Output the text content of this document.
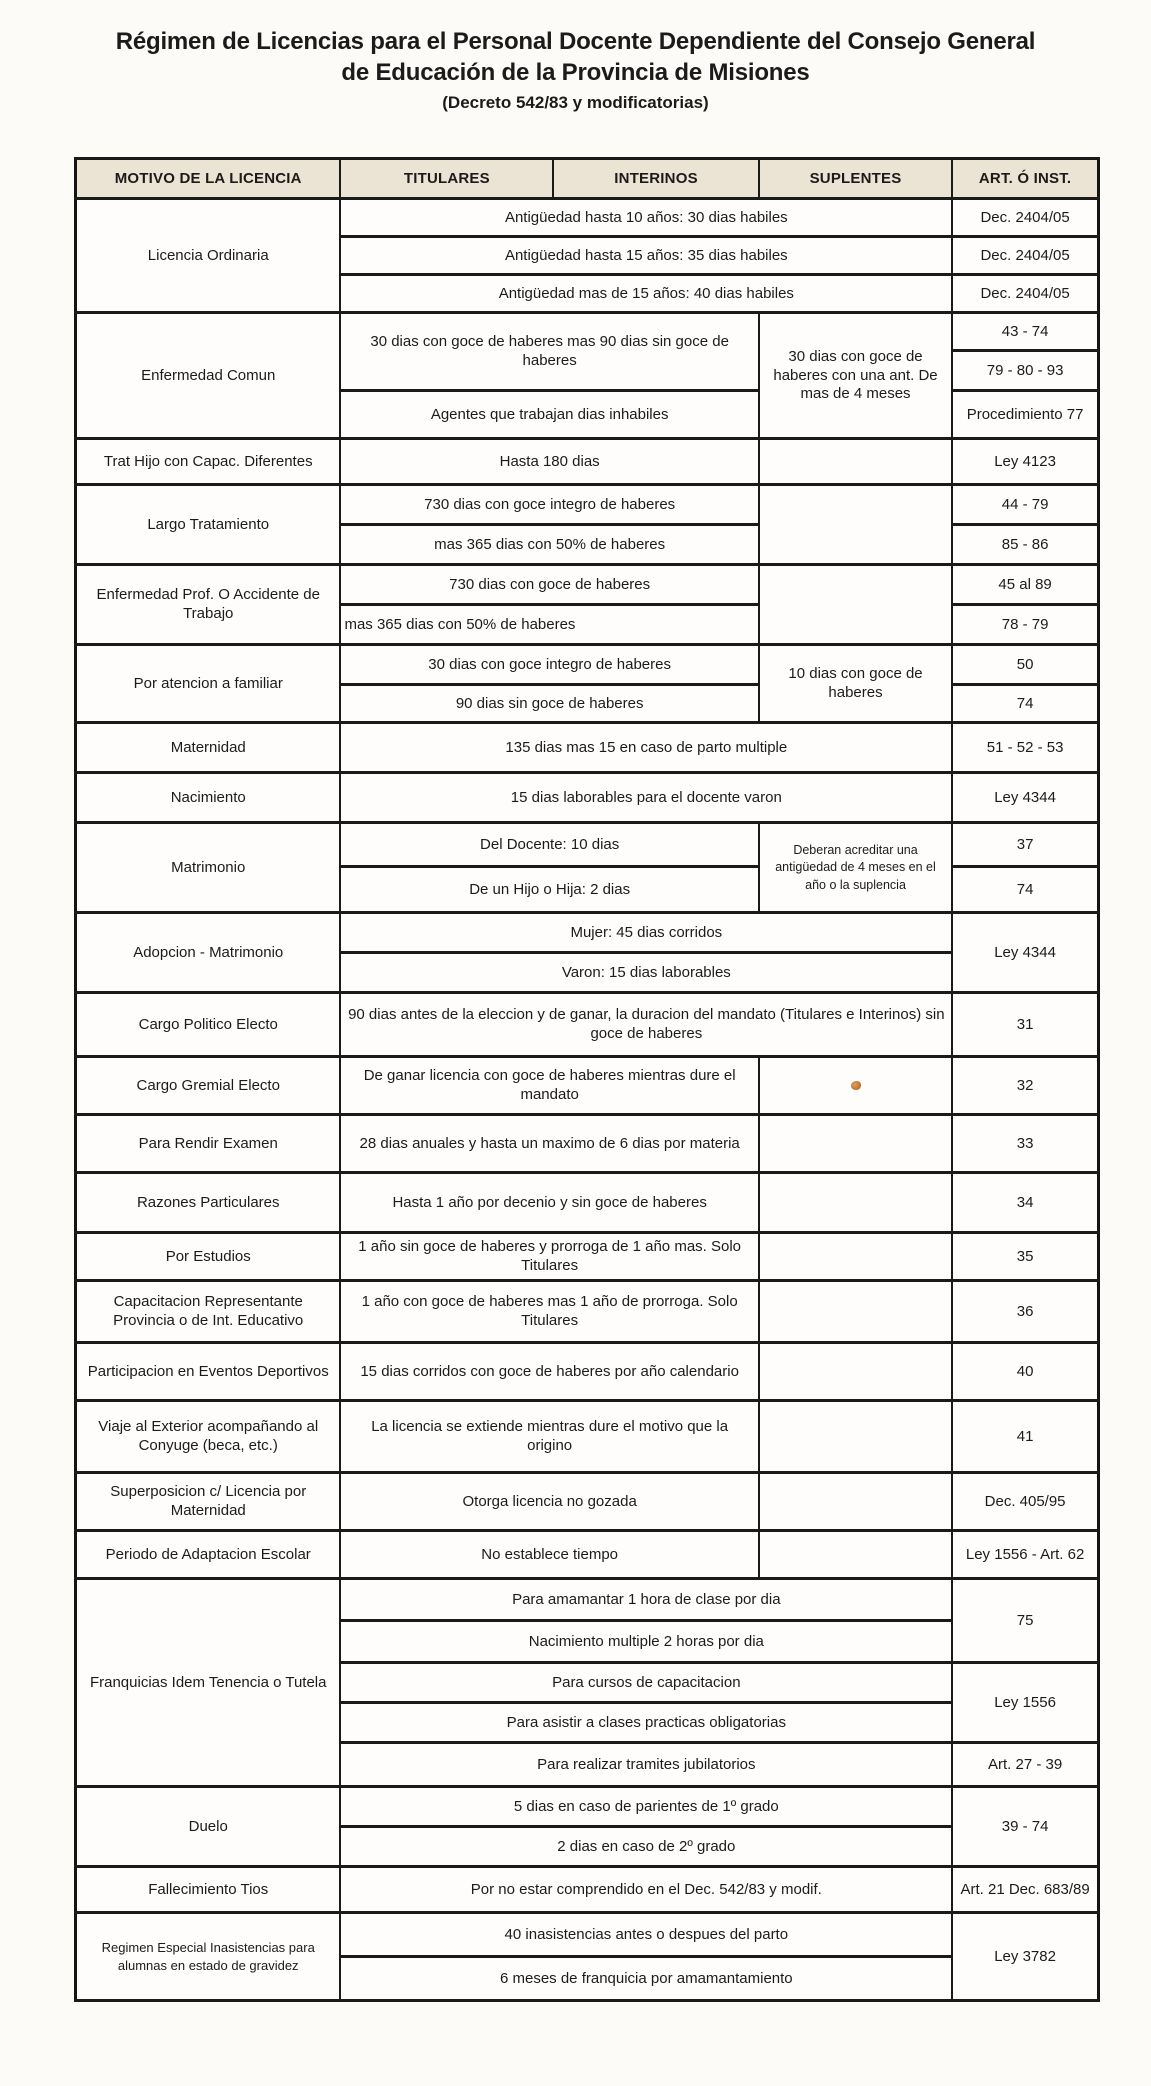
Régimen de Licencias para el Personal Docente Dependiente del Consejo General
de Educación de la Provincia de Misiones
(Decreto 542/83 y modificatorias)
MOTIVO DE LA LICENCIA	TITULARES	INTERINOS	SUPLENTES	ART. Ó INST.
Licencia Ordinaria	Antigüedad hasta 10 años: 30 dias habiles			Dec. 2404/05
	Antigüedad hasta 15 años: 35 dias habiles			Dec. 2404/05
	Antigüedad mas de 15 años: 40 dias habiles			Dec. 2404/05
Enfermedad Comun	30 dias con goce de haberes mas 90 dias sin goce de haberes		30 dias con goce de haberes con una ant. De mas de 4 meses	43 - 74
				79 - 80 - 93
	Agentes que trabajan dias inhabiles			Procedimiento 77
Trat Hijo con Capac. Diferentes	Hasta 180 dias			Ley 4123
Largo Tratamiento	730 dias con goce integro de haberes			44 - 79
	mas 365 dias con 50% de haberes			85 - 86
Enfermedad Prof. O Accidente de Trabajo	730 dias con goce de haberes			45 al 89
	mas 365 dias con 50% de haberes			78 - 79
Por atencion a familiar	30 dias con goce integro de haberes		10 dias con goce de haberes	50
	90 dias sin goce de haberes			74
Maternidad	135 dias mas 15 en caso de parto multiple			51 - 52 - 53
Nacimiento	15 dias laborables para el docente varon			Ley 4344
Matrimonio	Del Docente: 10 dias		Deberan acreditar una antigüedad de 4 meses en el año o la suplencia	37
	De un Hijo o Hija: 2 dias			74
Adopcion - Matrimonio	Mujer: 45 dias corridos			Ley 4344
	Varon: 15 dias laborables			
Cargo Politico Electo	90 dias antes de la eleccion y de ganar, la duracion del mandato (Titulares e Interinos) sin goce de haberes			31
Cargo Gremial Electo	De ganar licencia con goce de haberes mientras dure el mandato			32
Para Rendir Examen	28 dias anuales y hasta un maximo de 6 dias por materia			33
Razones Particulares	Hasta 1 año por decenio y sin goce de haberes			34
Por Estudios	1 año sin goce de haberes y prorroga de 1 año mas. Solo Titulares			35
Capacitacion Representante Provincia o de Int. Educativo	1 año con goce de haberes mas 1 año de prorroga. Solo Titulares			36
Participacion en Eventos Deportivos	15 dias corridos con goce de haberes por año calendario			40
Viaje al Exterior acompañando al Conyuge (beca, etc.)	La licencia se extiende mientras dure el motivo que la origino			41
Superposicion c/ Licencia por Maternidad	Otorga licencia no gozada			Dec. 405/95
Periodo de Adaptacion Escolar	No establece tiempo			Ley 1556 - Art. 62
Franquicias Idem Tenencia o Tutela	Para amamantar 1 hora de clase por dia			75
	Nacimiento multiple 2 horas por dia			
	Para cursos de capacitacion			Ley 1556
	Para asistir a clases practicas obligatorias			
	Para realizar tramites jubilatorios			Art. 27 - 39
Duelo	5 dias en caso de parientes de 1º grado			39 - 74
	2 dias en caso de 2º grado			
Fallecimiento Tios	Por no estar comprendido en el Dec. 542/83 y modif.			Art. 21 Dec. 683/89
Regimen Especial Inasistencias para alumnas en estado de gravidez	40 inasistencias antes o despues del parto			Ley 3782
	6 meses de franquicia por amamantamiento			
